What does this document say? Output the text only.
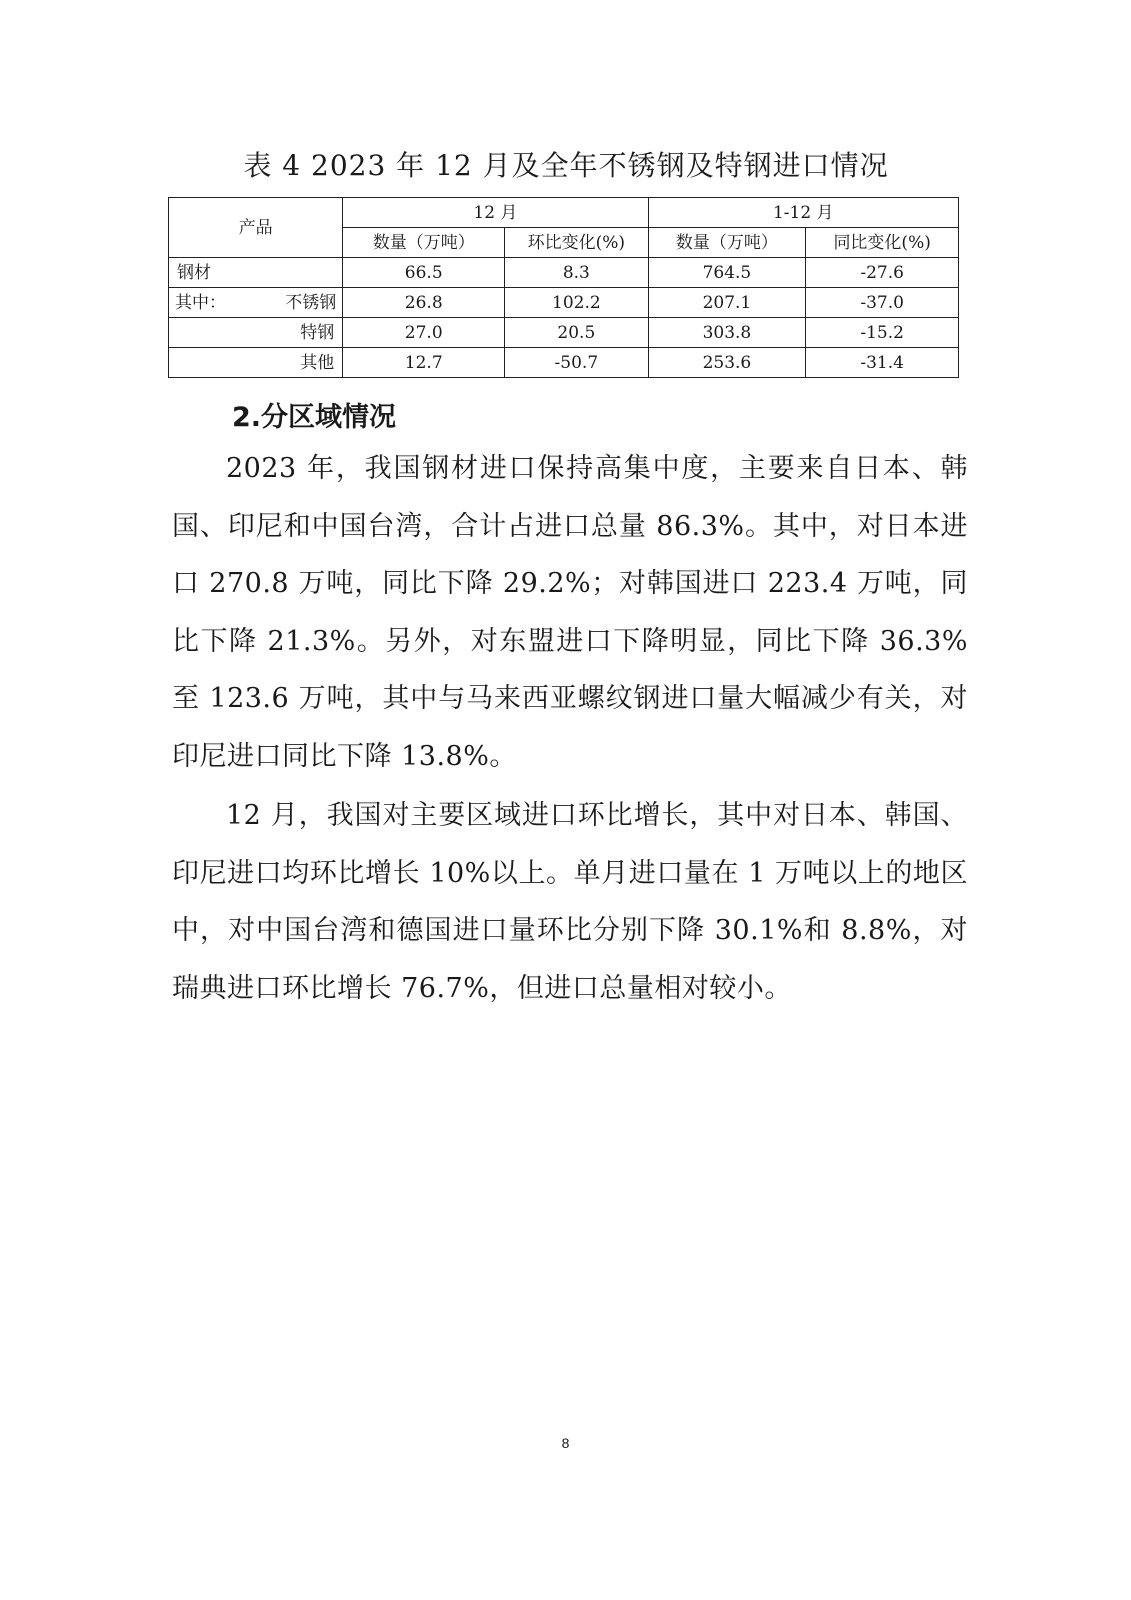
表 4 2023 年 12 月及全年不锈钢及特钢进口情况
产品	12 月		1-12 月	
	数量（万吨）	环比变化(%)	数量（万吨）	同比变化(%)
钢材	66.5	8.3	764.5	-27.6

其中： 不锈钢	26.8	102.2	207.1	-37.0
特钢	27.0	20.5	303.8	-15.2
其他	12.7	-50.7	253.6	-31.4
2.分区域情况

2023 年，我国钢材进口保持高集中度，主要来自日本、韩国、印尼和中国台湾，合计占进口总量 86.3%。其中，对日本进口 270.8 万吨，同比下降 29.2%；对韩国进口 223.4 万吨，同比下降 21.3%。另外，对东盟进口下降明显，同比下降 36.3%至 123.6 万吨，其中与马来西亚螺纹钢进口量大幅减少有关，对印尼进口同比下降 13.8%。

12 月，我国对主要区域进口环比增长，其中对日本、韩国、印尼进口均环比增长 10%以上。单月进口量在 1 万吨以上的地区中，对中国台湾和德国进口量环比分别下降 30.1%和 8.8%，对瑞典进口环比增长 76.7%，但进口总量相对较小。

8
